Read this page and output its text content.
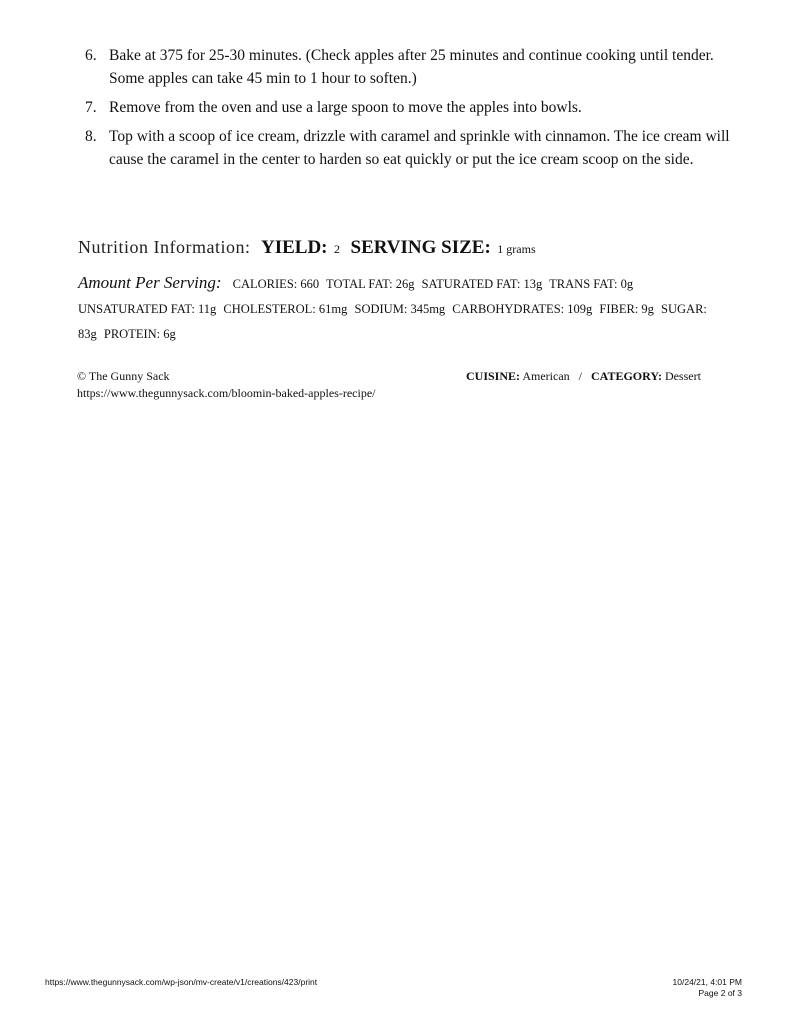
6. Bake at 375 for 25-30 minutes. (Check apples after 25 minutes and continue cooking until tender. Some apples can take 45 min to 1 hour to soften.)
7. Remove from the oven and use a large spoon to move the apples into bowls.
8. Top with a scoop of ice cream, drizzle with caramel and sprinkle with cinnamon. The ice cream will cause the caramel in the center to harden so eat quickly or put the ice cream scoop on the side.
Nutrition Information: YIELD: 2 SERVING SIZE: 1 grams
Amount Per Serving: CALORIES: 660 TOTAL FAT: 26g SATURATED FAT: 13g TRANS FAT: 0g UNSATURATED FAT: 11g CHOLESTEROL: 61mg SODIUM: 345mg CARBOHYDRATES: 109g FIBER: 9g SUGAR: 83g PROTEIN: 6g
© The Gunny Sack
https://www.thegunnysack.com/bloomin-baked-apples-recipe/
CUISINE: American / CATEGORY: Dessert
https://www.thegunnysack.com/wp-json/mv-create/v1/creations/423/print	10/24/21, 4:01 PM
Page 2 of 3
